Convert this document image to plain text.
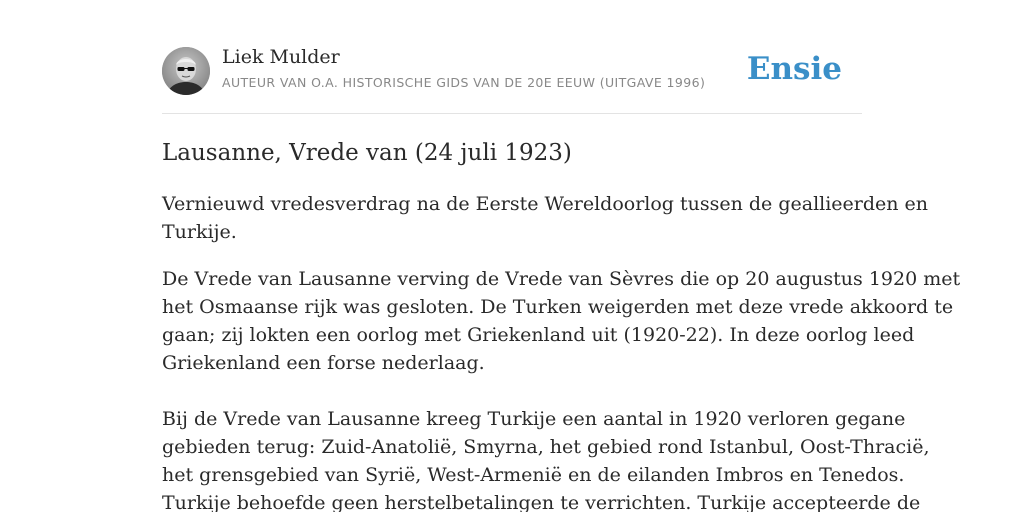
Liek Mulder
AUTEUR VAN O.A. HISTORISCHE GIDS VAN DE 20E EEUW (UITGAVE 1996) Ensie
Lausanne, Vrede van (24 juli 1923)
Vernieuwd vredesverdrag na de Eerste Wereldoorlog tussen de geallieerden en
Turkije.
De Vrede van Lausanne verving de Vrede van Sèvres die op 20 augustus 1920 met
het Osmaanse rijk was gesloten. De Turken weigerden met deze vrede akkoord te
gaan; zij lokten een oorlog met Griekenland uit (1920-22). In deze oorlog leed
Griekenland een forse nederlaag.
Bij de Vrede van Lausanne kreeg Turkije een aantal in 1920 verloren gegane
gebieden terug: Zuid-Anatolië, Smyrna, het gebied rond Istanbul, Oost-Thracië,
het grensgebied van Syrië, West-Armenië en de eilanden Imbros en Tenedos.
Turkije behoefde geen herstelbetalingen te verrichten. Turkije accepteerde de
